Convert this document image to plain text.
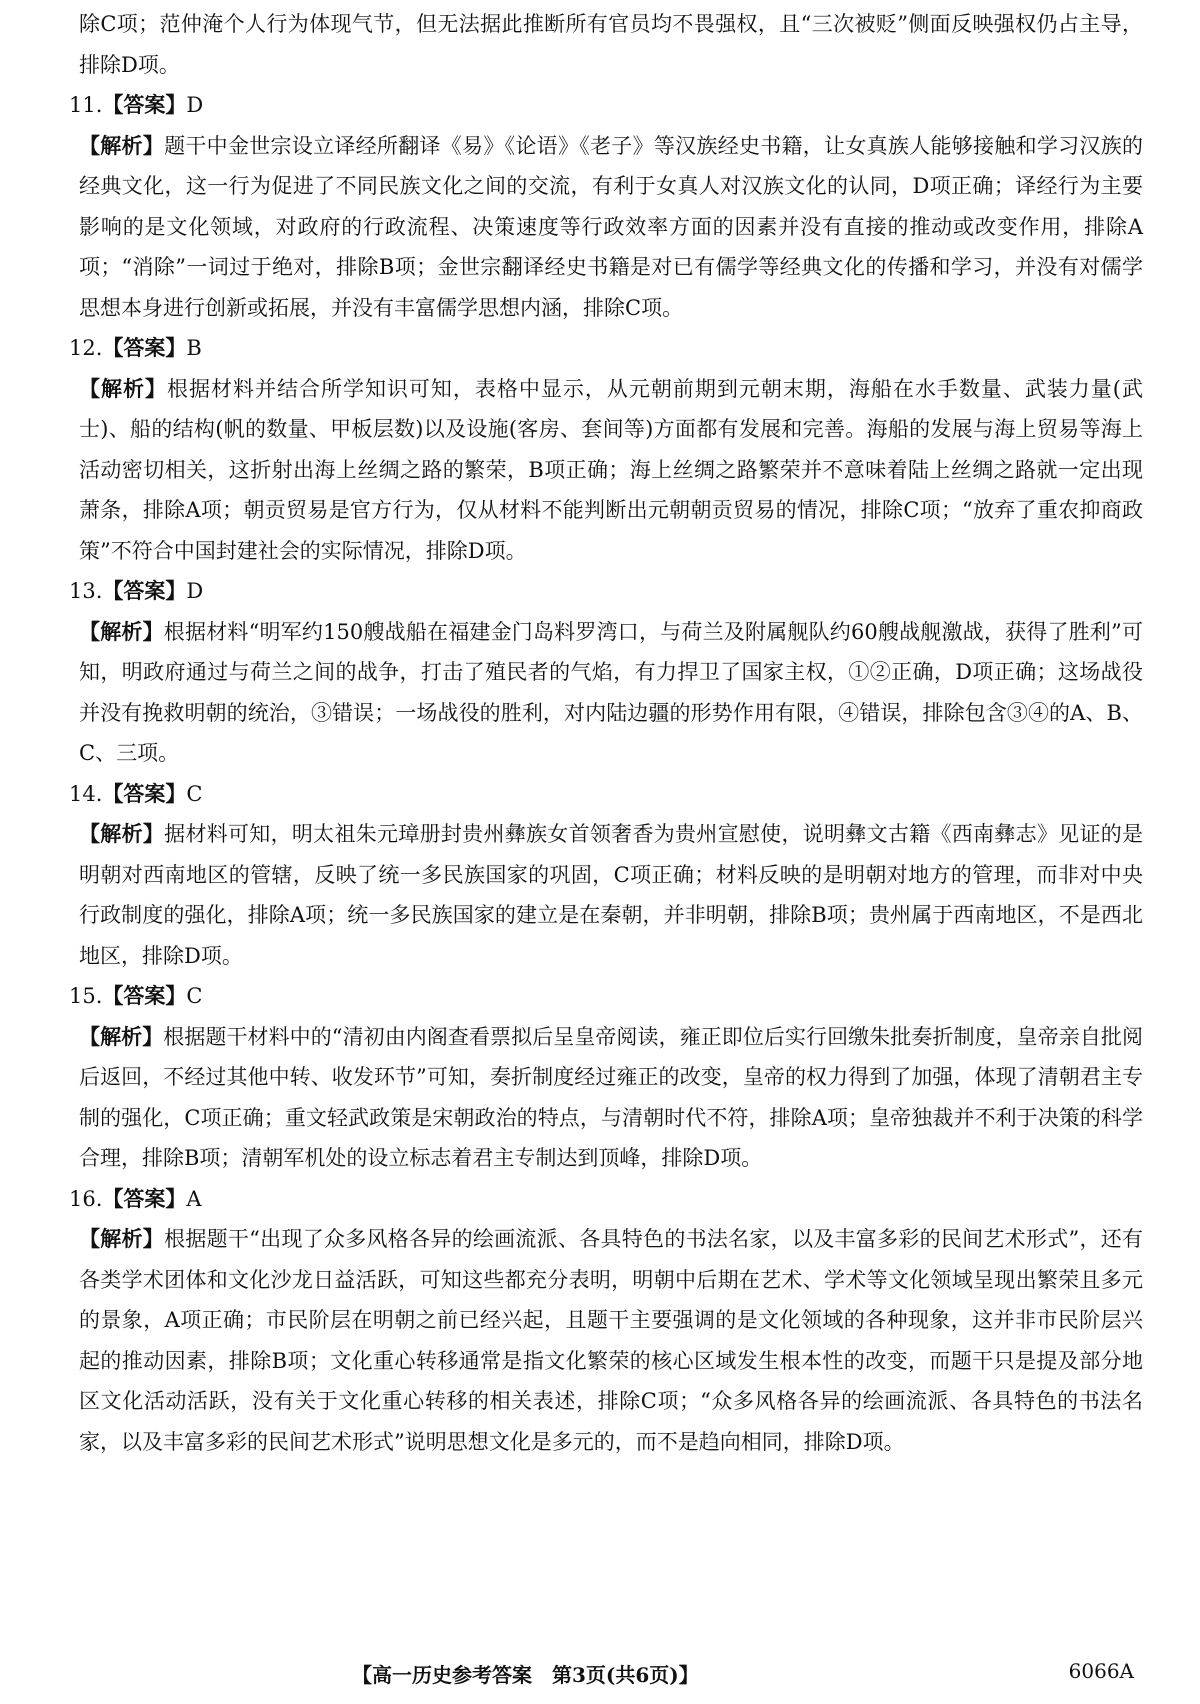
除C项；范仲淹个人行为体现气节，但无法据此推断所有官员均不畏强权，且“三次被贬”侧面反映强权仍占主导，排除D项。

11.【答案】D

【解析】题干中金世宗设立译经所翻译《易》《论语》《老子》等汉族经史书籍，让女真族人能够接触和学习汉族的经典文化，这一行为促进了不同民族文化之间的交流，有利于女真人对汉族文化的认同，D项正确；译经行为主要影响的是文化领域，对政府的行政流程、决策速度等行政效率方面的因素并没有直接的推动或改变作用，排除A项；“消除”一词过于绝对，排除B项；金世宗翻译经史书籍是对已有儒学等经典文化的传播和学习，并没有对儒学思想本身进行创新或拓展，并没有丰富儒学思想内涵，排除C项。

12.【答案】B

【解析】根据材料并结合所学知识可知，表格中显示，从元朝前期到元朝末期，海船在水手数量、武装力量(武士)、船的结构(帆的数量、甲板层数)以及设施(客房、套间等)方面都有发展和完善。海船的发展与海上贸易等海上活动密切相关，这折射出海上丝绸之路的繁荣，B项正确；海上丝绸之路繁荣并不意味着陆上丝绸之路就一定出现萧条，排除A项；朝贡贸易是官方行为，仅从材料不能判断出元朝朝贡贸易的情况，排除C项；“放弃了重农抑商政策”不符合中国封建社会的实际情况，排除D项。

13.【答案】D

【解析】根据材料“明军约150艘战船在福建金门岛料罗湾口，与荷兰及附属舰队约60艘战舰激战，获得了胜利”可知，明政府通过与荷兰之间的战争，打击了殖民者的气焰，有力捍卫了国家主权，①②正确，D项正确；这场战役并没有挽救明朝的统治，③错误；一场战役的胜利，对内陆边疆的形势作用有限，④错误，排除包含③④的A、B、C、三项。

14.【答案】C

【解析】据材料可知，明太祖朱元璋册封贵州彝族女首领奢香为贵州宣慰使，说明彝文古籍《西南彝志》见证的是明朝对西南地区的管辖，反映了统一多民族国家的巩固，C项正确；材料反映的是明朝对地方的管理，而非对中央行政制度的强化，排除A项；统一多民族国家的建立是在秦朝，并非明朝，排除B项；贵州属于西南地区，不是西北地区，排除D项。

15.【答案】C

【解析】根据题干材料中的“清初由内阁查看票拟后呈皇帝阅读，雍正即位后实行回缴朱批奏折制度，皇帝亲自批阅后返回，不经过其他中转、收发环节”可知，奏折制度经过雍正的改变，皇帝的权力得到了加强，体现了清朝君主专制的强化，C项正确；重文轻武政策是宋朝政治的特点，与清朝时代不符，排除A项；皇帝独裁并不利于决策的科学合理，排除B项；清朝军机处的设立标志着君主专制达到顶峰，排除D项。

16.【答案】A

【解析】根据题干“出现了众多风格各异的绘画流派、各具特色的书法名家，以及丰富多彩的民间艺术形式”，还有各类学术团体和文化沙龙日益活跃，可知这些都充分表明，明朝中后期在艺术、学术等文化领域呈现出繁荣且多元的景象，A项正确；市民阶层在明朝之前已经兴起，且题干主要强调的是文化领域的各种现象，这并非市民阶层兴起的推动因素，排除B项；文化重心转移通常是指文化繁荣的核心区域发生根本性的改变，而题干只是提及部分地区文化活动活跃，没有关于文化重心转移的相关表述，排除C项；“众多风格各异的绘画流派、各具特色的书法名家，以及丰富多彩的民间艺术形式”说明思想文化是多元的，而不是趋向相同，排除D项。

【高一历史参考答案　第3页(共6页)】	6066A
